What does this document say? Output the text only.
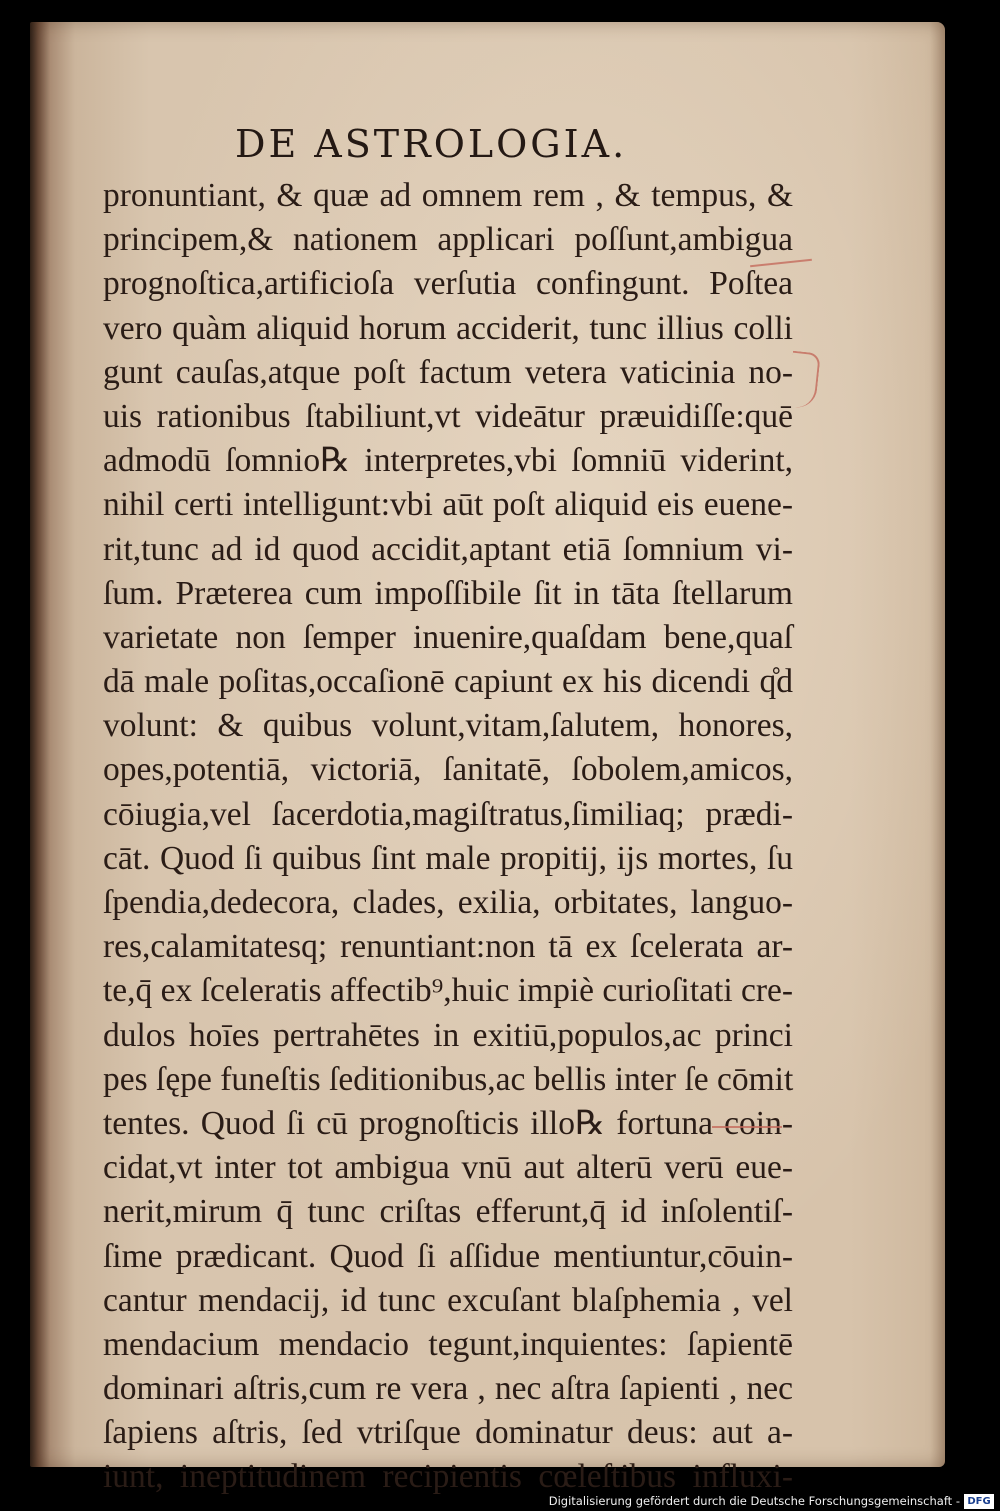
DE ASTROLOGIA.
pronuntiant, & quæ ad omnem rem , & tempus, &
principem,& nationem applicari poſſunt,ambigua
prognoſtica,artificioſa verſutia confingunt. Poſtea
vero quàm aliquid horum acciderit, tunc illius colli
gunt cauſas,atque poſt factum vetera vaticinia no-
uis rationibus ſtabiliunt,vt videātur præuidiſſe:quē
admodū ſomnio℞ interpretes,vbi ſomniū viderint,
nihil certi intelligunt:vbi aūt poſt aliquid eis euene-
rit,tunc ad id quod accidit,aptant etiā ſomnium vi-
ſum. Præterea cum impoſſibile ſit in tāta ſtellarum
varietate non ſemper inuenire,quaſdam bene,quaſ
dā male poſitas,occaſionē capiunt ex his dicendi q̊d
volunt: & quibus volunt,vitam,ſalutem, honores,
opes,potentiā, victoriā, ſanitatē, ſobolem,amicos,
cōiugia,vel ſacerdotia,magiſtratus,ſimiliaq; prædi-
cāt. Quod ſi quibus ſint male propitij, ijs mortes, ſu
ſpendia,dedecora, clades, exilia, orbitates, languo-
res,calamitatesq; renuntiant:non tā ex ſcelerata ar-
te,q̄ ex ſceleratis affectib⁹,huic impiè curioſitati cre-
dulos hoīes pertrahētes in exitiū,populos,ac princi
pes ſępe funeſtis ſeditionibus,ac bellis inter ſe cōmit
tentes. Quod ſi cū prognoſticis illo℞ fortuna coin-
cidat,vt inter tot ambigua vnū aut alterū verū eue-
nerit,mirum q̄ tunc criſtas efferunt,q̄ id inſolentiſ-
ſime prædicant. Quod ſi aſſidue mentiuntur,cōuin-
cantur mendacij, id tunc excuſant blaſphemia , vel
mendacium mendacio tegunt,inquientes: ſapientē
dominari aſtris,cum re vera , nec aſtra ſapienti , nec
ſapiens aſtris, ſed vtriſque dominatur deus: aut a-
iunt, ineptitudinem recipientis cœleſtibus influxi-
Digitalisierung gefördert durch die Deutsche Forschungsgemeinschaft - DFG
